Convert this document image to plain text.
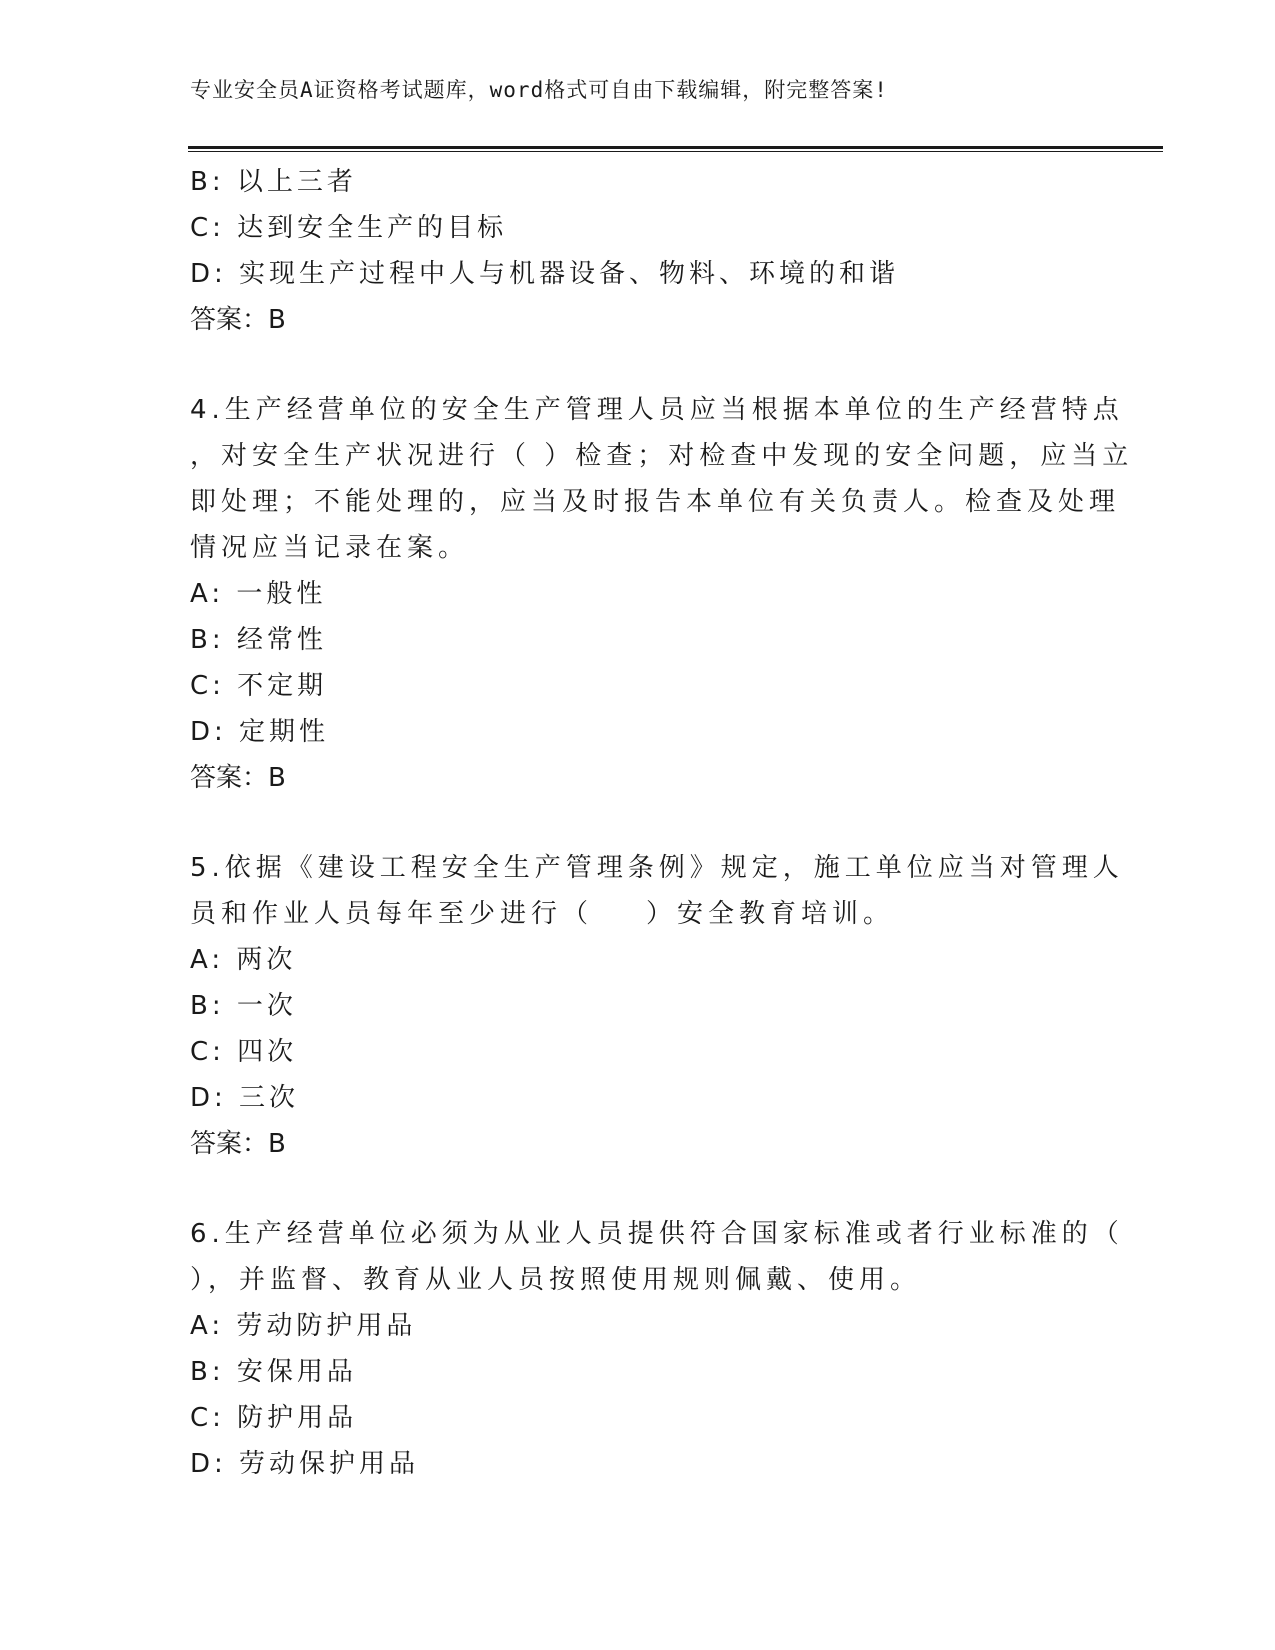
专业安全员A证资格考试题库，word格式可自由下载编辑，附完整答案!
B: 以上三者
C: 达到安全生产的目标
D: 实现生产过程中人与机器设备、物料、环境的和谐
答案：B
4.生产经营单位的安全生产管理人员应当根据本单位的生产经营特点
，对安全生产状况进行（ ）检查；对检查中发现的安全问题，应当立
即处理；不能处理的，应当及时报告本单位有关负责人。检查及处理
情况应当记录在案。
A: 一般性
B: 经常性
C: 不定期
D: 定期性
答案：B
5.依据《建设工程安全生产管理条例》规定，施工单位应当对管理人
员和作业人员每年至少进行（    ）安全教育培训。
A: 两次
B: 一次
C: 四次
D: 三次
答案：B
6.生产经营单位必须为从业人员提供符合国家标准或者行业标准的（
），并监督、教育从业人员按照使用规则佩戴、使用。
A: 劳动防护用品
B: 安保用品
C: 防护用品
D: 劳动保护用品
